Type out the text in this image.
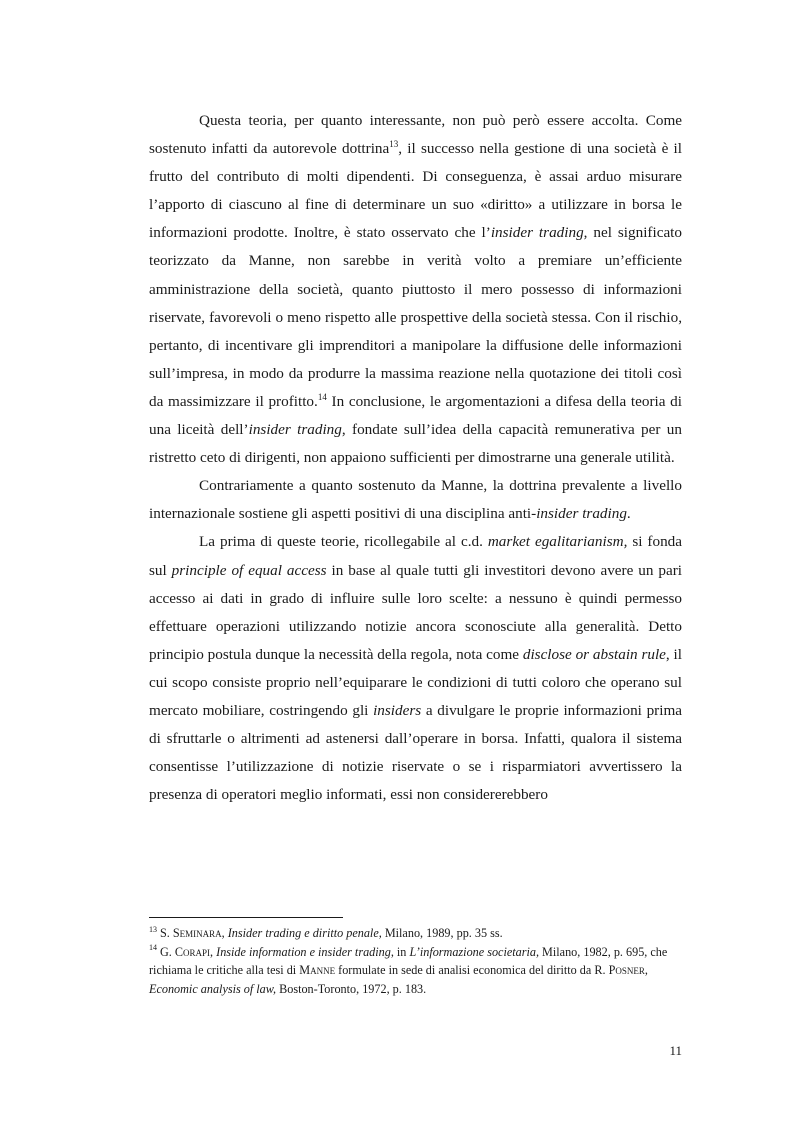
Questa teoria, per quanto interessante, non può però essere accolta. Come sostenuto infatti da autorevole dottrina$^{13}$, il successo nella gestione di una società è il frutto del contributo di molti dipendenti. Di conseguenza, è assai arduo misurare l’apporto di ciascuno al fine di determinare un suo «diritto» a utilizzare in borsa le informazioni prodotte. Inoltre, è stato osservato che l’insider trading, nel significato teorizzato da Manne, non sarebbe in verità volto a premiare un’efficiente amministrazione della società, quanto piuttosto il mero possesso di informazioni riservate, favorevoli o meno rispetto alle prospettive della società stessa. Con il rischio, pertanto, di incentivare gli imprenditori a manipolare la diffusione delle informazioni sull’impresa, in modo da produrre la massima reazione nella quotazione dei titoli così da massimizzare il profitto.$^{14}$ In conclusione, le argomentazioni a difesa della teoria di una liceità dell’insider trading, fondate sull’idea della capacità remunerativa per un ristretto ceto di dirigenti, non appaiono sufficienti per dimostrarne una generale utilità.

Contrariamente a quanto sostenuto da Manne, la dottrina prevalente a livello internazionale sostiene gli aspetti positivi di una disciplina anti-insider trading.

La prima di queste teorie, ricollegabile al c.d. market egalitarianism, si fonda sul principle of equal access in base al quale tutti gli investitori devono avere un pari accesso ai dati in grado di influire sulle loro scelte: a nessuno è quindi permesso effettuare operazioni utilizzando notizie ancora sconosciute alla generalità. Detto principio postula dunque la necessità della regola, nota come disclose or abstain rule, il cui scopo consiste proprio nell’equiparare le condizioni di tutti coloro che operano sul mercato mobiliare, costringendo gli insiders a divulgare le proprie informazioni prima di sfruttarle o altrimenti ad astenersi dall’operare in borsa. Infatti, qualora il sistema consentisse l’utilizzazione di notizie riservate o se i risparmiatori avvertissero la presenza di operatori meglio informati, essi non considererebbero

$^{13}$ S. Seminara, Insider trading e diritto penale, Milano, 1989, pp. 35 ss.

$^{14}$ G. Corapi, Inside information e insider trading, in L’informazione societaria, Milano, 1982, p. 695, che richiama le critiche alla tesi di Manne formulate in sede di analisi economica del diritto da R. Posner, Economic analysis of law, Boston-Toronto, 1972, p. 183.

11
